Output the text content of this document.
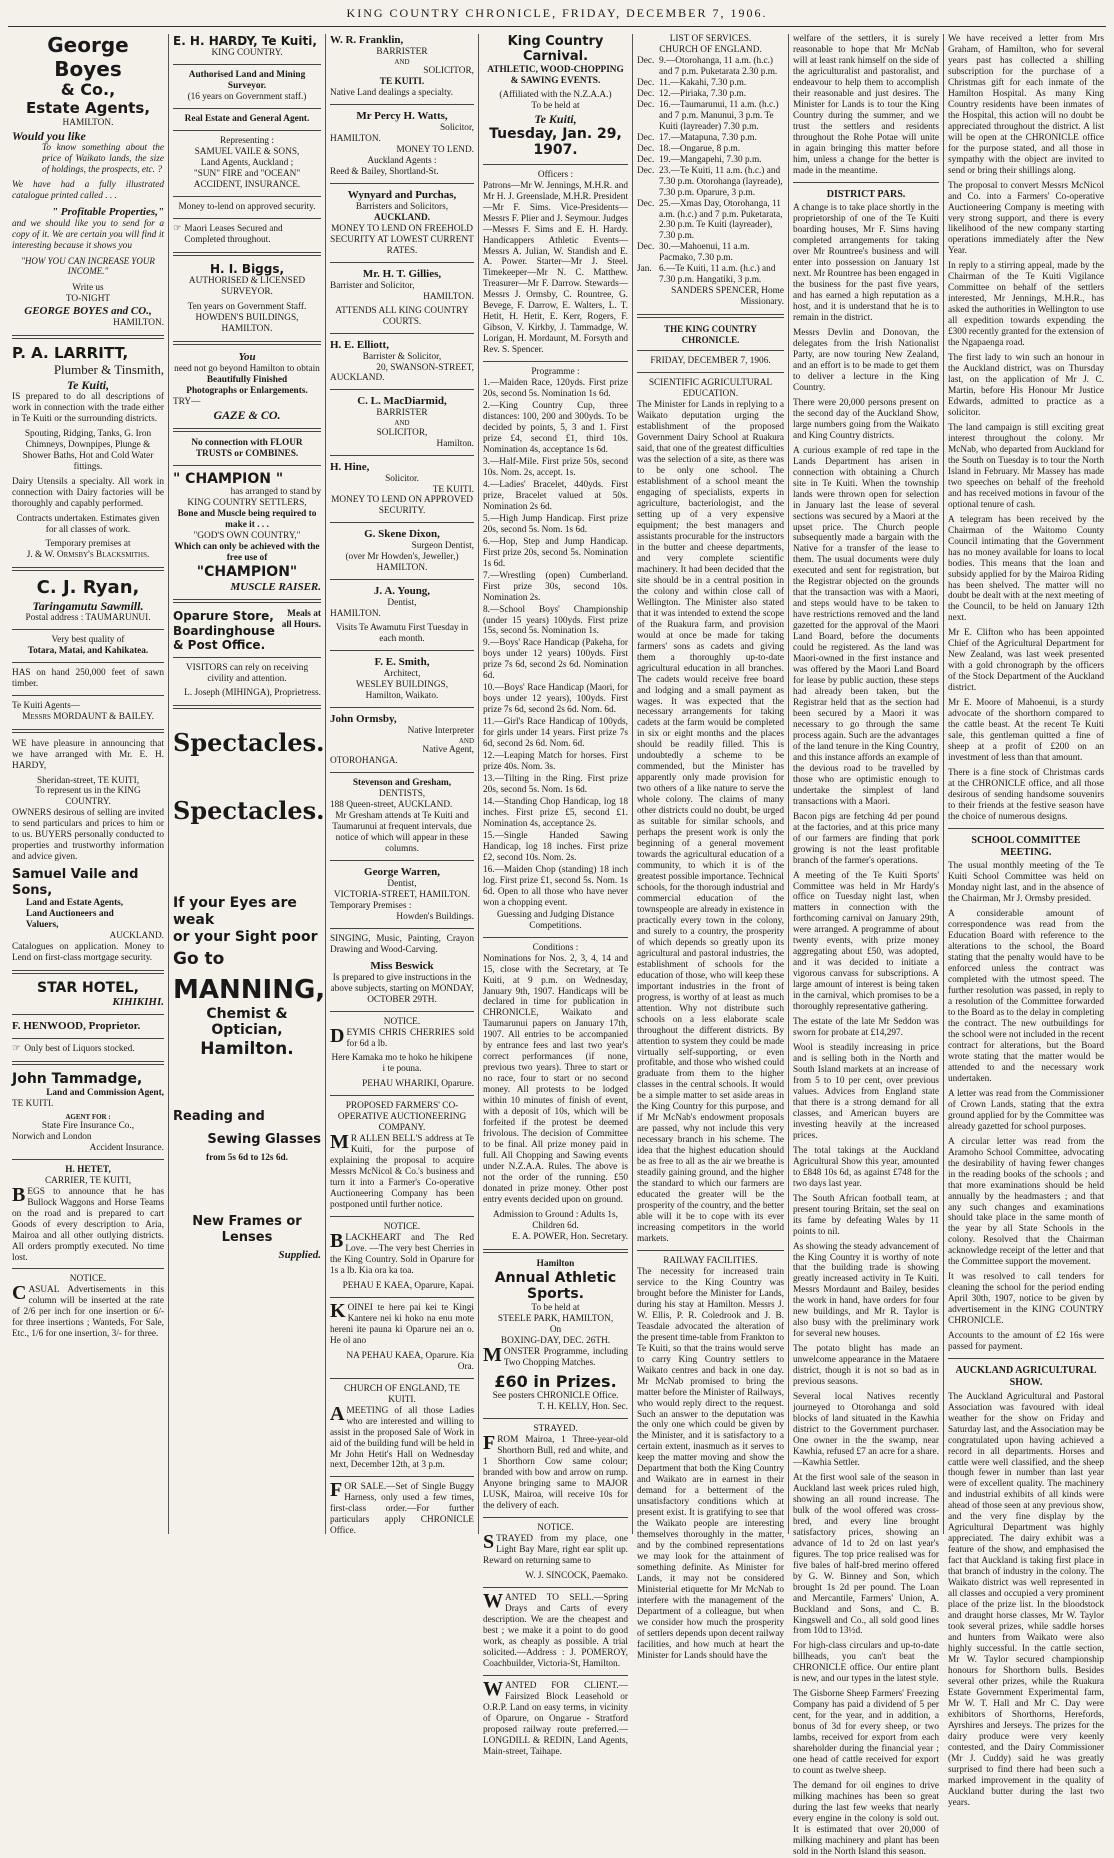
KING COUNTRY CHRONICLE, FRIDAY, DECEMBER 7, 1906.
George Boyes
& Co.,
Estate Agents,
HAMILTON.
Would you like

To know something about the price of Waikato lands, the size of holdings, the prospects, etc. ?

We have had a fully illustrated catalogue printed called . . .

" Profitable Properties,"

and we should like you to send for a copy of it. We are certain you will find it interesting because it shows you

"HOW YOU CAN INCREASE YOUR INCOME."
Write us
TO-NIGHT
GEORGE BOYES and CO.,
HAMILTON.
P. A. LARRITT,
Plumber & Tinsmith,
Te Kuiti,

IS prepared to do all descriptions of work in connection with the trade either in Te Kuiti or the surrounding districts.

Spouting, Ridging, Tanks, G. Iron Chimneys, Downpipes, Plunge & Shower Baths, Hot and Cold Water fittings.

Dairy Utensils a specialty. All work in connection with Dairy factories will be thoroughly and capably performed.

Contracts undertaken. Estimates given for all classes of work.

Temporary premises at
J. & W. Ormsby's Blacksmiths.
C. J. Ryan,
Taringamutu Sawmill.
Postal address : TAUMARUNUI.
Very best quality of
Totara, Matai, and Kahikatea.

HAS on hand 250,000 feet of sawn timber.

Te Kuiti Agents—
Messrs MORDAUNT & BAILEY.

WE have pleasure in announcing that we have arranged with Mr. E. H. HARDY,

Sheridan-street, TE KUITI,
To represent us in the KING COUNTRY.

OWNERS desirous of selling are invited to send particulars and prices to him or to us. BUYERS personally conducted to properties and trustworthy information and advice given.

Samuel Vaile and Sons,
Land and Estate Agents,
Land Auctioneers and
Valuers,
AUCKLAND.

Catalogues on application. Money to Lend on first-class mortgage security.

STAR HOTEL,
KIHIKIHI.
F. HENWOOD, Proprietor.
☞ Only best of Liquors stocked.
John Tammadge,
Land and Commission Agent,
TE KUITI.
AGENT FOR :
State Fire Insurance Co.,
Norwich and London
Accident Insurance.
H. HETET,
CARRIER, TE KUITI,

BEGS to announce that he has Bullock Waggons and Horse Teams on the road and is prepared to cart Goods of every description to Aria, Mairoa and all other outlying districts. All orders promptly executed. No time lost.

NOTICE.

CASUAL Advertisements in this column will be inserted at the rate of 2/6 per inch for one insertion or 6/- for three insertions ; Wanteds, For Sale, Etc., 1/6 for one insertion, 3/- for three.

E. H. HARDY, Te Kuiti,
KING COUNTRY.
Authorised Land and Mining Surveyor.
(16 years on Government staff.)
Real Estate and General Agent.
Representing :
SAMUEL VAILE & SONS,
Land Agents, Auckland ;
"SUN" FIRE and "OCEAN"
ACCIDENT, INSURANCE.
Money to-lend on approved security.
☞ Maori Leases Secured and Completed throughout.
H. I. Biggs,
AUTHORISED & LICENSED SURVEYOR.
Ten years on Government Staff.
HOWDEN'S BUILDINGS, HAMILTON.
You
need not go beyond Hamilton to obtain
Beautifully Finished
Photographs or Enlargements.
TRY—
GAZE & CO.
No connection with FLOUR TRUSTS or COMBINES.
" CHAMPION "
has arranged to stand by
KING COUNTRY SETTLERS,
Bone and Muscle being required to make it . . .
"GOD'S OWN COUNTRY,"
Which can only be achieved with the free use of
"CHAMPION"
MUSCLE RAISER.
Oparure Store, Boardinghouse & Post Office.
Meals at all Hours.
VISITORS can rely on receiving civility and attention.
L. Joseph (MIHINGA), Proprietress.
Spectacles.
Spectacles.
If your Eyes are weak
or your Sight poor
Go to
MANNING,
Chemist & Optician,
Hamilton.
Reading and
Sewing Glasses
from 5s 6d to 12s 6d.
New Frames or Lenses
Supplied.
W. R. Franklin,
BARRISTER
AND
SOLICITOR,
TE KUITI.
Native Land dealings a specialty.
Mr Percy H. Watts,
Solicitor,
HAMILTON.
MONEY TO LEND.
Auckland Agents :
Reed & Bailey, Shortland-St.
Wynyard and Purchas,
Barristers and Solicitors,
AUCKLAND.
MONEY TO LEND ON FREEHOLD SECURITY AT LOWEST CURRENT RATES.
Mr. H. T. Gillies,
Barrister and Solicitor,
HAMILTON.
ATTENDS ALL KING COUNTRY COURTS.
H. E. Elliott,
Barrister & Solicitor,
20, SWANSON-STREET,
AUCKLAND.
C. L. MacDiarmid,
BARRISTER
AND
SOLICITOR,
Hamilton.
H. Hine,
Solicitor.
TE KUITI.
MONEY TO LEND ON APPROVED SECURITY.
G. Skene Dixon,
Surgeon Dentist,
(over Mr Howden's, Jeweller,)
HAMILTON.
J. A. Young,
Dentist,
HAMILTON.
Visits Te Awamutu First Tuesday in each month.
F. E. Smith,
Architect,
WESLEY BUILDINGS,
Hamilton, Waikato.
John Ormsby,
Native Interpreter
AND
Native Agent,
OTOROHANGA.
Stevenson and Gresham,
DENTISTS,
188 Queen-street, AUCKLAND.

Mr Gresham attends at Te Kuiti and Taumarunui at frequent intervals, due notice of which will appear in these columns.

George Warren,
Dentist,
VICTORIA-STREET, HAMILTON.
Temporary Premises :
Howden's Buildings.

SINGING, Music, Painting, Crayon Drawing and Wood-Carving.

Miss Beswick

Is prepared to give instructions in the above subjects, starting on MONDAY, OCTOBER 29TH.

NOTICE.

DEYMIS CHRIS CHERRIES sold for 6d a lb.

Here Kamaka mo te hoko he hikipene i te pouna.

PEHAU WHARIKI, Oparure.
PROPOSED FARMERS' CO-OPERATIVE AUCTIONEERING COMPANY.

MR ALLEN BELL'S address at Te Kuiti, for the purpose of explaining the proposal to acquire Messrs McNicol & Co.'s business and turn it into a Farmer's Co-operative Auctioneering Company has been postponed until further notice.

NOTICE.

BLACKHEART and The Red Love. —The very best Cherries in the King Country. Sold in Oparure for 1s a lb. Kia ora ka toa.

PEHAU E KAEA, Oparure, Kapai.

KOINEI te here pai kei te Kingi Kantere nei ki hoko na enu mote hereni ite pauna ki Oparure nei an o. He ol ano

NA PEHAU KAEA, Oparure. Kia Ora.
CHURCH OF ENGLAND, TE KUITI.

AMEETING of all those Ladies who are interested and willing to assist in the proposed Sale of Work in aid of the building fund will be held in Mr John Hetit's Hall on Wednesday next, December 12th, at 3 p.m.

FOR SALE.—Set of Single Buggy Harness, only used a few times, first-class order.—For further particulars apply CHRONICLE Office.

King Country Carnival.
ATHLETIC, WOOD-CHOPPING & SAWING EVENTS.
(Affiliated with the N.Z.A.A.)
To be held at
Te Kuiti,
Tuesday, Jan. 29, 1907.
Officers :

Patrons—Mr W. Jennings, M.H.R. and Mr H. J. Greenslade, M.H.R. President—Mr F. Sims. Vice-Presidents—Messrs F. Plier and J. Seymour. Judges—Messrs F. Sims and E. H. Hardy. Handicappers Athletic Events—Messrs A. Julian, W. Standish and E. A. Power. Starter—Mr J. Steel. Timekeeper—Mr N. C. Matthew. Treasurer—Mr F. Darrow. Stewards—Messrs J. Ormsby, C. Rountree, G. Bevege, F. Darrow, E. Walters, L. T. Hetit, H. Hetit, E. Kerr, Rogers, F. Gibson, V. Kirkby, J. Tammadge, W. Lorigan, H. Mordaunt, M. Forsyth and Rev. S. Spencer.

Programme :

1.—Maiden Race, 120yds. First prize 20s, second 5s. Nomination 1s 6d.

2.—King Country Cup, three distances: 100, 200 and 300yds. To be decided by points, 5, 3 and 1. First prize £4, second £1, third 10s. Nomination 4s, acceptance 1s 6d.

3.—Half-Mile. First prize 50s, second 10s. Nom. 2s, accept. 1s.

4.—Ladies' Bracelet, 440yds. First prize, Bracelet valued at 50s. Nomination 2s 6d.

5.—High Jump Handicap. First prize 20s, second 5s. Nom. 1s 6d.

6.—Hop, Step and Jump Handicap. First prize 20s, second 5s. Nomination 1s 6d.

7.—Wrestling (open) Cumberland. First prize 30s, second 10s. Nomination 2s.

8.—School Boys' Championship (under 15 years) 100yds. First prize 15s, second 5s. Nomination 1s.

9.—Boys' Race Handicap (Pakeha, for boys under 12 years) 100yds. First prize 7s 6d, second 2s 6d. Nomination 6d.

10.—Boys' Race Handicap (Maori, for boys under 12 years), 100yds. First prize 7s 6d, second 2s 6d. Nom. 6d.

11.—Girl's Race Handicap of 100yds, for girls under 14 years. First prize 7s 6d, second 2s 6d. Nom. 6d.

12.—Leaping Match for horses. First prize 40s. Nom. 3s.

13.—Tilting in the Ring. First prize 20s, second 5s. Nom. 1s 6d.

14.—Standing Chop Handicap, log 18 inches. First prize £5, second £1. Nomination 4s, acceptance 2s.

15.—Single Handed Sawing Handicap, log 18 inches. First prize £2, second 10s. Nom. 2s.

16.—Maiden Chop (standing) 18 inch log. First prize £1, second 5s. Nom. 1s 6d. Open to all those who have never won a chopping event.

Guessing and Judging Distance Competitions.

Conditions :

Nominations for Nos. 2, 3, 4, 14 and 15, close with the Secretary, at Te Kuiti, at 9 p.m. on Wednesday, January 9th, 1907. Handicaps will be declared in time for publication in CHRONICLE, Waikato and Taumarunui papers on January 17th, 1907. All entries to be accompanied by entrance fees and last two year's correct performances (if none, previous two years). Three to start or no race, four to start or no second money. All protests to be lodged within 10 minutes of finish of event, with a deposit of 10s, which will be forfeited if the protest be deemed frivolous. The decision of Committee to be final. All prize money paid in full. All Chopping and Sawing events under N.Z.A.A. Rules. The above is not the order of the running. £50 donated in prize money. Other post entry events decided upon on ground.

Admission to Ground : Adults 1s, Children 6d.
E. A. POWER, Hon. Secretary.
Hamilton
Annual Athletic Sports.
To be held at
STEELE PARK, HAMILTON,
On
BOXING-DAY, DEC. 26TH.

MONSTER Programme, including Two Chopping Matches.

£60 in Prizes.
See posters CHRONICLE Office.
T. H. KELLY, Hon. Sec.
STRAYED.

FROM Mairoa, 1 Three-year-old Shorthorn Bull, red and white, and 1 Shorthorn Cow same colour; branded with bow and arrow on rump. Anyone bringing same to MAJOR LUSK, Mairoa, will receive 10s for the delivery of each.

NOTICE.

STRAYED from my place, one Light Bay Mare, right ear split up. Reward on returning same to

W. J. SINCOCK, Paemako.

WANTED TO SELL.—Spring Drays and Carts of every description. We are the cheapest and best ; we make it a point to do good work, as cheaply as possible. A trial solicited.—Address : J. POMEROY, Coachbuilder, Victoria-St, Hamilton.

WANTED FOR CLIENT.—Fairsized Block Leasehold or O.R.P. Land on easy terms, in vicinity of Oparure, on Ongarue - Stratford proposed railway route preferred.—LONGDILL & REDIN, Land Agents, Main-street, Taihape.

LIST OF SERVICES.
CHURCH OF ENGLAND.
Dec. 9.—Otorohanga, 11 a.m. (h.c.) and 7 p.m. Puketarata 2.30 p.m.
Dec. 11.—Kakahi, 7.30 p.m.
Dec. 12.—Piriaka, 7.30 p.m.
Dec. 16.—Taumarunui, 11 a.m. (h.c.) and 7 p.m. Manunui, 3 p.m. Te Kuiti (layreader) 7.30 p.m.
Dec. 17.—Matapuna, 7.30 p.m.
Dec. 18.—Ongarue, 8 p.m.
Dec. 19.—Mangapehi, 7.30 p.m.
Dec. 23.—Te Kuiti, 11 a.m. (h.c.) and 7.30 p.m. Otorohanga (layreade), 7.30 p.m. Oparure, 3 p.m.
Dec. 25.—Xmas Day, Otorohanga, 11 a.m. (h.c.) and 7 p.m. Puketarata, 2.30 p.m. Te Kuiti (layreader), 7.30 p.m.
Dec. 30.—Mahoenui, 11 a.m. Pacmako, 7.30 p.m.
Jan. 6.—Te Kuiti, 11 a.m. (h.c.) and 7.30 p.m. Hangatiki, 3 p.m.
SANDERS SPENCER, Home Missionary.
THE KING COUNTRY CHRONICLE.
FRIDAY, DECEMBER 7, 1906.
SCIENTIFIC AGRICULTURAL EDUCATION.

The Minister for Lands in replying to a Waikato deputation urging the establishment of the proposed Government Dairy School at Ruakura said, that one of the greatest difficulties was the selection of a site, as there was to be only one school. The establishment of a school meant the engaging of specialists, experts in agriculture, bacteriologist, and the setting up of a very expensive equipment; the best managers and assistants procurable for the instructors in the butter and cheese departments, and very complete scientific machinery. It had been decided that the site should be in a central position in the colony and within close call of Wellington. The Minister also stated that it was intended to extend the scope of the Ruakura farm, and provision would at once be made for taking farmers' sons as cadets and giving them a thoroughly up-to-date agricultural education in all branches. The cadets would receive free board and lodging and a small payment as wages. It was expected that the necessary arrangements for taking cadets at the farm would be completed in six or eight months and the places should be readily filled. This is undoubtedly a scheme to be commended, but the Minister has apparently only made provision for two others of a like nature to serve the whole colony. The claims of many other districts could no doubt, be urged as suitable for similar schools, and perhaps the present work is only the beginning of a general movement towards the agricultural education of a community, to which it is of the greatest possible importance. Technical schools, for the thorough industrial and commercial education of the townspeople are already in existence in practically every town in the colony, and surely to a country, the prosperity of which depends so greatly upon its agricultural and pastoral industries, the establishment of schools for the education of those, who will keep these important industries in the front of progress, is worthy of at least as much attention. Why not distribute such schools on a less elaborate scale throughout the different districts. By attention to system they could be made virtually self-supporting, or even profitable, and those who wished could graduate from them to the higher classes in the central schools. It would be a simple matter to set aside areas in the King Country for this purpose, and if Mr McNab's endowment proposals are passed, why not include this very necessary branch in his scheme. The idea that the highest education should be as free to all as the air we breathe is steadily gaining ground, and the higher the standard to which our farmers are educated the greater will be the prosperity of the country, and the better able will it be to cope with its ever increasing competitors in the world markets.

RAILWAY FACILITIES.

The necessity for increased train service to the King Country was brought before the Minister for Lands, during his stay at Hamilton. Messrs J. W. Ellis, P. R. Coledrook and J. B. Teasdale advocated the alteration of the present time-table from Frankton to Te Kuiti, so that the trains would serve to carry King Country settlers to Waikato centres and back in one day. Mr McNab promised to bring the matter before the Minister of Railways, who would reply direct to the request. Such an answer to the deputation was the only one which could be given by the Minister, and it is satisfactory to a certain extent, inasmuch as it serves to keep the matter moving and show the Department that both the King Country and Waikato are in earnest in their demand for a betterment of the unsatisfactory conditions which at present exist. It is gratifying to see that the Waikato people are interesting themselves thoroughly in the matter, and by the combined representations we may look for the attainment of something definite. As Minister for Lands, it may not be considered Ministerial etiquette for Mr McNab to interfere with the management of the Department of a colleague, but when we consider how much the prosperity of settlers depends upon decent railway facilities, and how much at heart the Minister for Lands should have the

welfare of the settlers, it is surely reasonable to hope that Mr McNab will at least rank himself on the side of the agriculturalist and pastoralist, and endeavour to help them to accomplish their reasonable and just desires. The Minister for Lands is to tour the King Country during the summer, and we trust the settlers and residents throughout the Rohe Potae will unite in again bringing this matter before him, unless a change for the better is made in the meantime.

DISTRICT PARS.

A change is to take place shortly in the proprietorship of one of the Te Kuiti boarding houses, Mr F. Sims having completed arrangements for taking over Mr Rountree's business and will enter into possession on January 1st next. Mr Rountree has been engaged in the business for the past five years, and has earned a high reputation as a host, and it is understand that he is to remain in the district.

Messrs Devlin and Donovan, the delegates from the Irish Nationalist Party, are now touring New Zealand, and an effort is to be made to get them to deliver a lecture in the King Country.

There were 20,000 persons present on the second day of the Auckland Show, large numbers going from the Waikato and King Country districts.

A curious example of red tape in the Lands Department has arisen in connection with obtaining a Church site in Te Kuiti. When the township lands were thrown open for selection in January last the lease of several sections was secured by a Maori at the upset price. The Church people subsequently made a bargain with the Native for a transfer of the lease to them. The usual documents were duly executed and sent for registration, but the Registrar objected on the grounds that the transaction was with a Maori, and steps would have to be taken to have restrictions removed and the land gazetted for the approval of the Maori Land Board, before the documents could be registered. As the land was Maori-owned in the first instance and was offered by the Maori Land Board for lease by public auction, these steps had already been taken, but the Registrar held that as the section had been secured by a Maori it was necessary to go through the same process again. Such are the advantages of the land tenure in the King Country, and this instance affords an example of the devious road to be travelled by those who are optimistic enough to undertake the simplest of land transactions with a Maori.

Bacon pigs are fetching 4d per pound at the factories, and at this price many of our farmers are finding that pork growing is not the least profitable branch of the farmer's operations.

A meeting of the Te Kuiti Sports' Committee was held in Mr Hardy's office on Tuesday night last, when matters in connection with the forthcoming carnival on January 29th, were arranged. A programme of about twenty events, with prize money aggregating about £50, was adopted, and it was decided to initiate a vigorous canvass for subscriptions. A large amount of interest is being taken in the carnival, which promises to be a thoroughly representative gathering.

The estate of the late Mr Seddon was sworn for probate at £14,297.

Wool is steadily increasing in price and is selling both in the North and South Island markets at an increase of from 5 to 10 per cent, over previous values. Advices from England state that there is a strong demand for all classes, and American buyers are investing heavily at the increased prices.

The total takings at the Auckland Agricultural Show this year, amounted to £848 10s 6d, as against £748 for the two days last year.

The South African football team, at present touring Britain, set the seal on its fame by defeating Wales by 11 points to nil.

As showing the steady advancement of the King Country it is worthy of note that the building trade is showing greatly increased activity in Te Kuiti. Messrs Mordaunt and Bailey, besides the work in hand, have orders for four new buildings, and Mr R. Taylor is also busy with the preliminary work for several new houses.

The potato blight has made an unwelcome appearance in the Mataere district, though it is not so bad as in previous seasons.

Several local Natives recently journeyed to Otorohanga and sold blocks of land situated in the Kawhia district to the Government purchaser. One owner in the the swamp, near Kawhia, refused £7 an acre for a share.—Kawhia Settler.

At the first wool sale of the season in Auckland last week prices ruled high, showing an all round increase. The bulk of the wool offered was cross-bred, and every line brought satisfactory prices, showing an advance of 1d to 2d on last year's figures. The top price realised was for five bales of half-bred merino offered by G. W. Binney and Son, which brought 1s 2d per pound. The Loan and Mercantile, Farmers' Union, A. Buckland and Sons, and C. B. Kingswell and Co., all sold good lines from 10d to 13½d.

For high-class circulars and up-to-date billheads, you can't beat the CHRONICLE office. Our entire plant is new, and our types in the latest style.

The Gisborne Sheep Farmers' Freezing Company has paid a dividend of 5 per cent, for the year, and in addition, a bonus of 3d for every sheep, or two lambs, received for export from each shareholder during the financial year ; one head of cattle received for export to count as twelve sheep.

The demand for oil engines to drive milking machines has been so great during the last few weeks that nearly every engine in the colony is sold out. It is estimated that over 20,000 of milking machinery and plant has been sold in the North Island this season.

We have received a letter from Mrs Graham, of Hamilton, who for several years past has collected a shilling subscription for the purchase of a Christmas gift for each inmate of the Hamilton Hospital. As many King Country residents have been inmates of the Hospital, this action will no doubt be appreciated throughout the district. A list will be open at the CHRONICLE office for the purpose stated, and all those in sympathy with the object are invited to send or bring their shillings along.

The proposal to convert Messrs McNicol and Co. into a Farmers' Co-operative Auctioneering Company is meeting with very strong support, and there is every likelihood of the new company starting operations immediately after the New Year.

In reply to a stirring appeal, made by the Chairman of the Te Kuiti Vigilance Committee on behalf of the settlers interested, Mr Jennings, M.H.R., has asked the authorities in Wellington to use all expedition towards expending the £300 recently granted for the extension of the Ngapaenga road.

The first lady to win such an honour in the Auckland district, was on Thursday last, on the application of Mr J. C. Martin, before His Honour Mr Justice Edwards, admitted to practice as a solicitor.

The land campaign is still exciting great interest throughout the colony. Mr McNab, who departed from Auckland for the South on Tuesday is to tour the North Island in February. Mr Massey has made two speeches on behalf of the freehold and has received motions in favour of the optional tenure of cash.

A telegram has been received by the Chairman of the Waitomo County Council intimating that the Government has no money available for loans to local bodies. This means that the loan and subsidy applied for by the Mairoa Riding has been shelved. The matter will no doubt be dealt with at the next meeting of the Council, to be held on January 12th next.

Mr E. Clifton who has been appointed Chief of the Agricultural Department for New Zealand, was last week presented with a gold chronograph by the officers of the Stock Department of the Auckland district.

Mr E. Moore of Mahoenui, is a sturdy advocate of the shorthorn compared to the cattle beast. At the recent Te Kuiti sale, this gentleman quitted a fine of sheep at a profit of £200 on an investment of less than that amount.

There is a fine stock of Christmas cards at the CHRONICLE office, and all those desirous of sending handsome souvenirs to their friends at the festive season have the choice of numerous designs.

SCHOOL COMMITTEE MEETING.

The usual monthly meeting of the Te Kuiti School Committee was held on Monday night last, and in the absence of the Chairman, Mr J. Ormsby presided.

A considerable amount of correspondence was read from the Education Board with reference to the alterations to the school, the Board stating that the penalty would have to be enforced unless the contract was completed with the utmost speed. The further resolution was passed, in reply to a resolution of the Committee forwarded to the Board as to the delay in completing the contract. The new outbuildings for the school were not included in the recent contract for alterations, but the Board wrote stating that the matter would be attended to and the necessary work undertaken.

A letter was read from the Commissioner of Crown Lands, stating that the extra ground applied for by the Committee was already gazetted for school purposes.

A circular letter was read from the Aramoho School Committee, advocating the desirability of having fewer changes in the reading books of the schools ; and that more examinations should be held annually by the headmasters ; and that any such changes and examinations should take place in the same month of the year by all State Schools in the colony. Resolved that the Chairman acknowledge receipt of the letter and that the Committee support the movement.

It was resolved to call tenders for cleaning the school for the period ending April 30th, 1907, notice to be given by advertisement in the KING COUNTRY CHRONICLE.

Accounts to the amount of £2 16s were passed for payment.

AUCKLAND AGRICULTURAL SHOW.

The Auckland Agricultural and Pastoral Association was favoured with ideal weather for the show on Friday and Saturday last, and the Association may be congratulated upon having achieved a record in all departments. Horses and cattle were well classified, and the sheep though fewer in number than last year were of excellent quality. The machinery and industrial exhibits of all kinds were ahead of those seen at any previous show, and the very fine display by the Agricultural Department was highly appreciated. The dairy exhibit was a feature of the show, and emphasised the fact that Auckland is taking first place in that branch of industry in the colony. The Waikato district was well represented in all classes and occupied a very prominent place of the prize list. In the bloodstock and draught horse classes, Mr W. Taylor took several prizes, while saddle horses and hunters from Waikato were also highly successful. In the cattle section, Mr W. Taylor secured championship honours for Shorthorn bulls. Besides several other prizes, while the Ruakura Estate Government Experimental farm, Mr W. T. Hall and Mr C. Day were exhibitors of Shorthorns, Herefords, Ayrshires and Jerseys. The prizes for the dairy produce were very keenly contested, and the Dairy Commissioner (Mr J. Cuddy) said he was greatly surprised to find there had been such a marked improvement in the quality of Auckland butter during the last two years.
